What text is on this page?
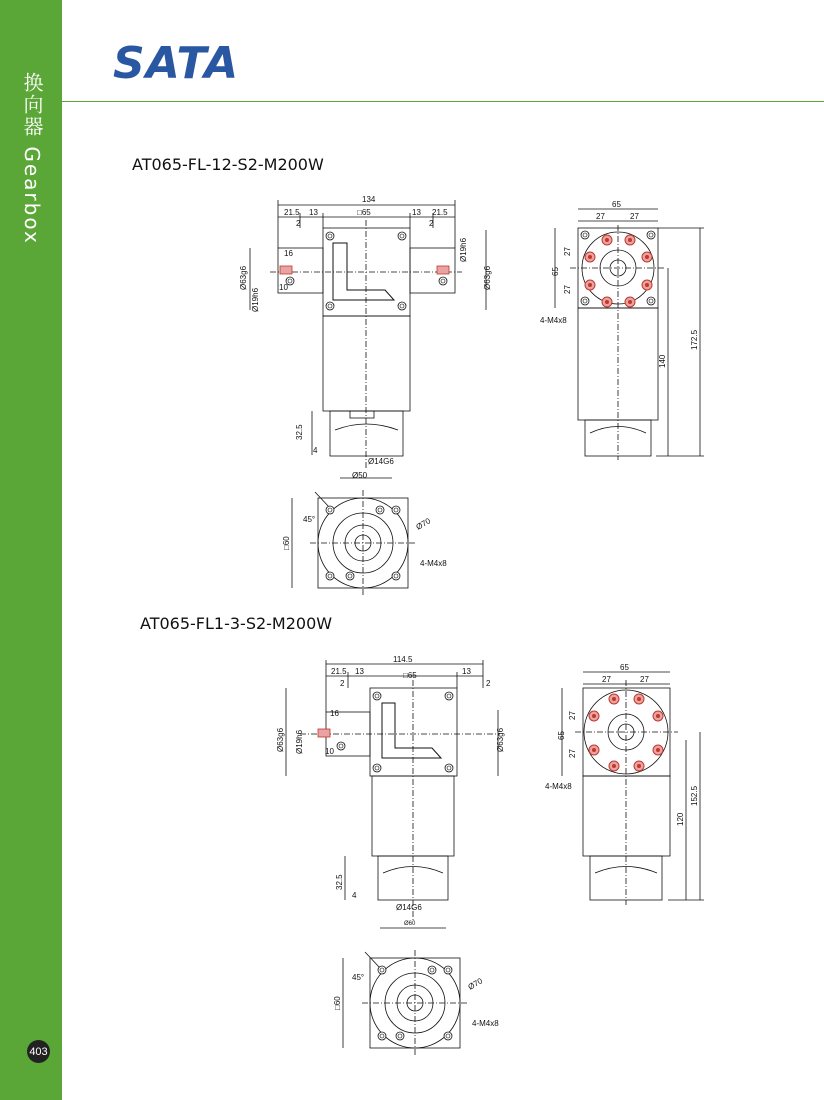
换向器 Gearbox
403
SATA
AT065-FL-12-S2-M200W
AT065-FL1-3-S2-M200W
134
21.5 13	□65	13 21.5
2	2
16
10
Ø63g6
Ø19h6
Ø63g6
Ø19h6
32.5
4
Ø14G6
Ø50
65
27	27
65
27
27
140
172.5
4-M4x8
45°
□60
Ø70
4-M4x8
114.5
21.5 13	□65	13
2	2
16
10
Ø63g6 Ø19h6	Ø63g6
32.5
4
Ø14G6
Ø60
65
27	27
65
27
27
120
152.5
4-M4x8
45°
□60
Ø70
4-M4x8
